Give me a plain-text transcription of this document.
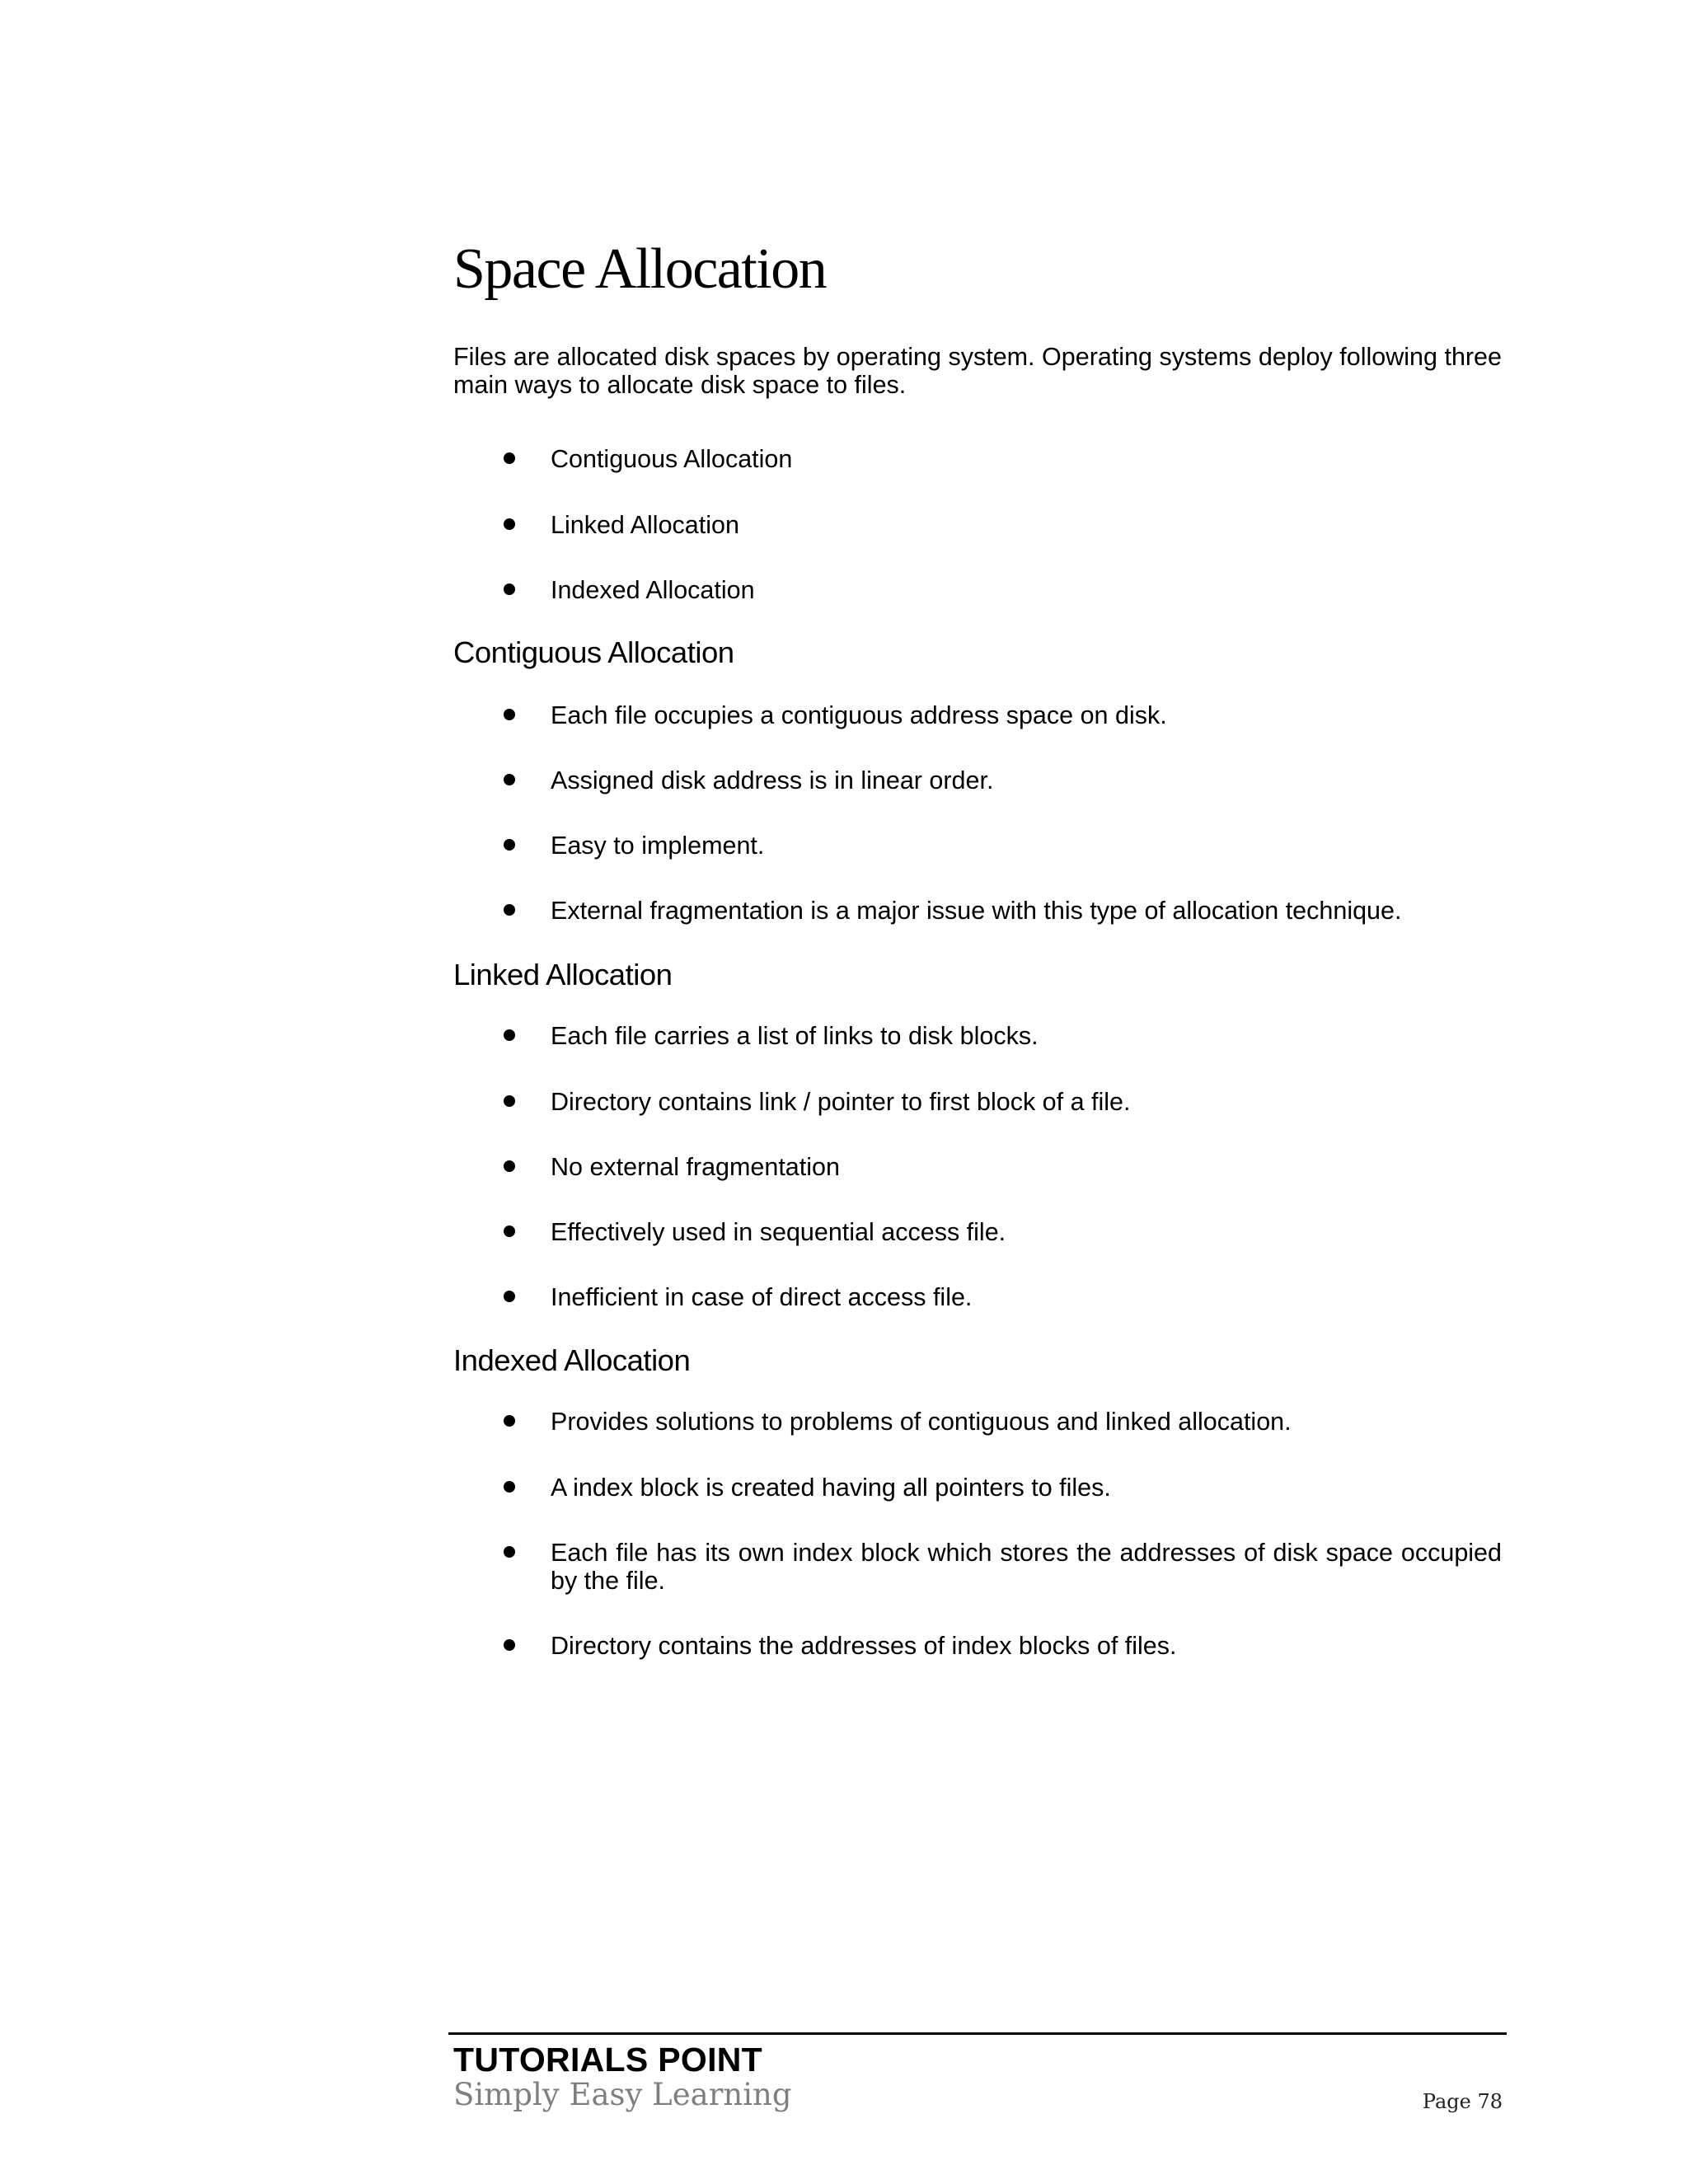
Space Allocation

Files are allocated disk spaces by operating system. Operating systems deploy following three main ways to allocate disk space to files.

Contiguous Allocation
Linked Allocation
Indexed Allocation
Contiguous Allocation
Each file occupies a contiguous address space on disk.
Assigned disk address is in linear order.
Easy to implement.
External fragmentation is a major issue with this type of allocation technique.
Linked Allocation
Each file carries a list of links to disk blocks.
Directory contains link / pointer to first block of a file.
No external fragmentation
Effectively used in sequential access file.
Inefficient in case of direct access file.
Indexed Allocation
Provides solutions to problems of contiguous and linked allocation.
A index block is created having all pointers to files.
Each file has its own index block which stores the addresses of disk space occupied by the file.
Directory contains the addresses of index blocks of files.
TUTORIALS POINT
Simply Easy Learning	Page 78
